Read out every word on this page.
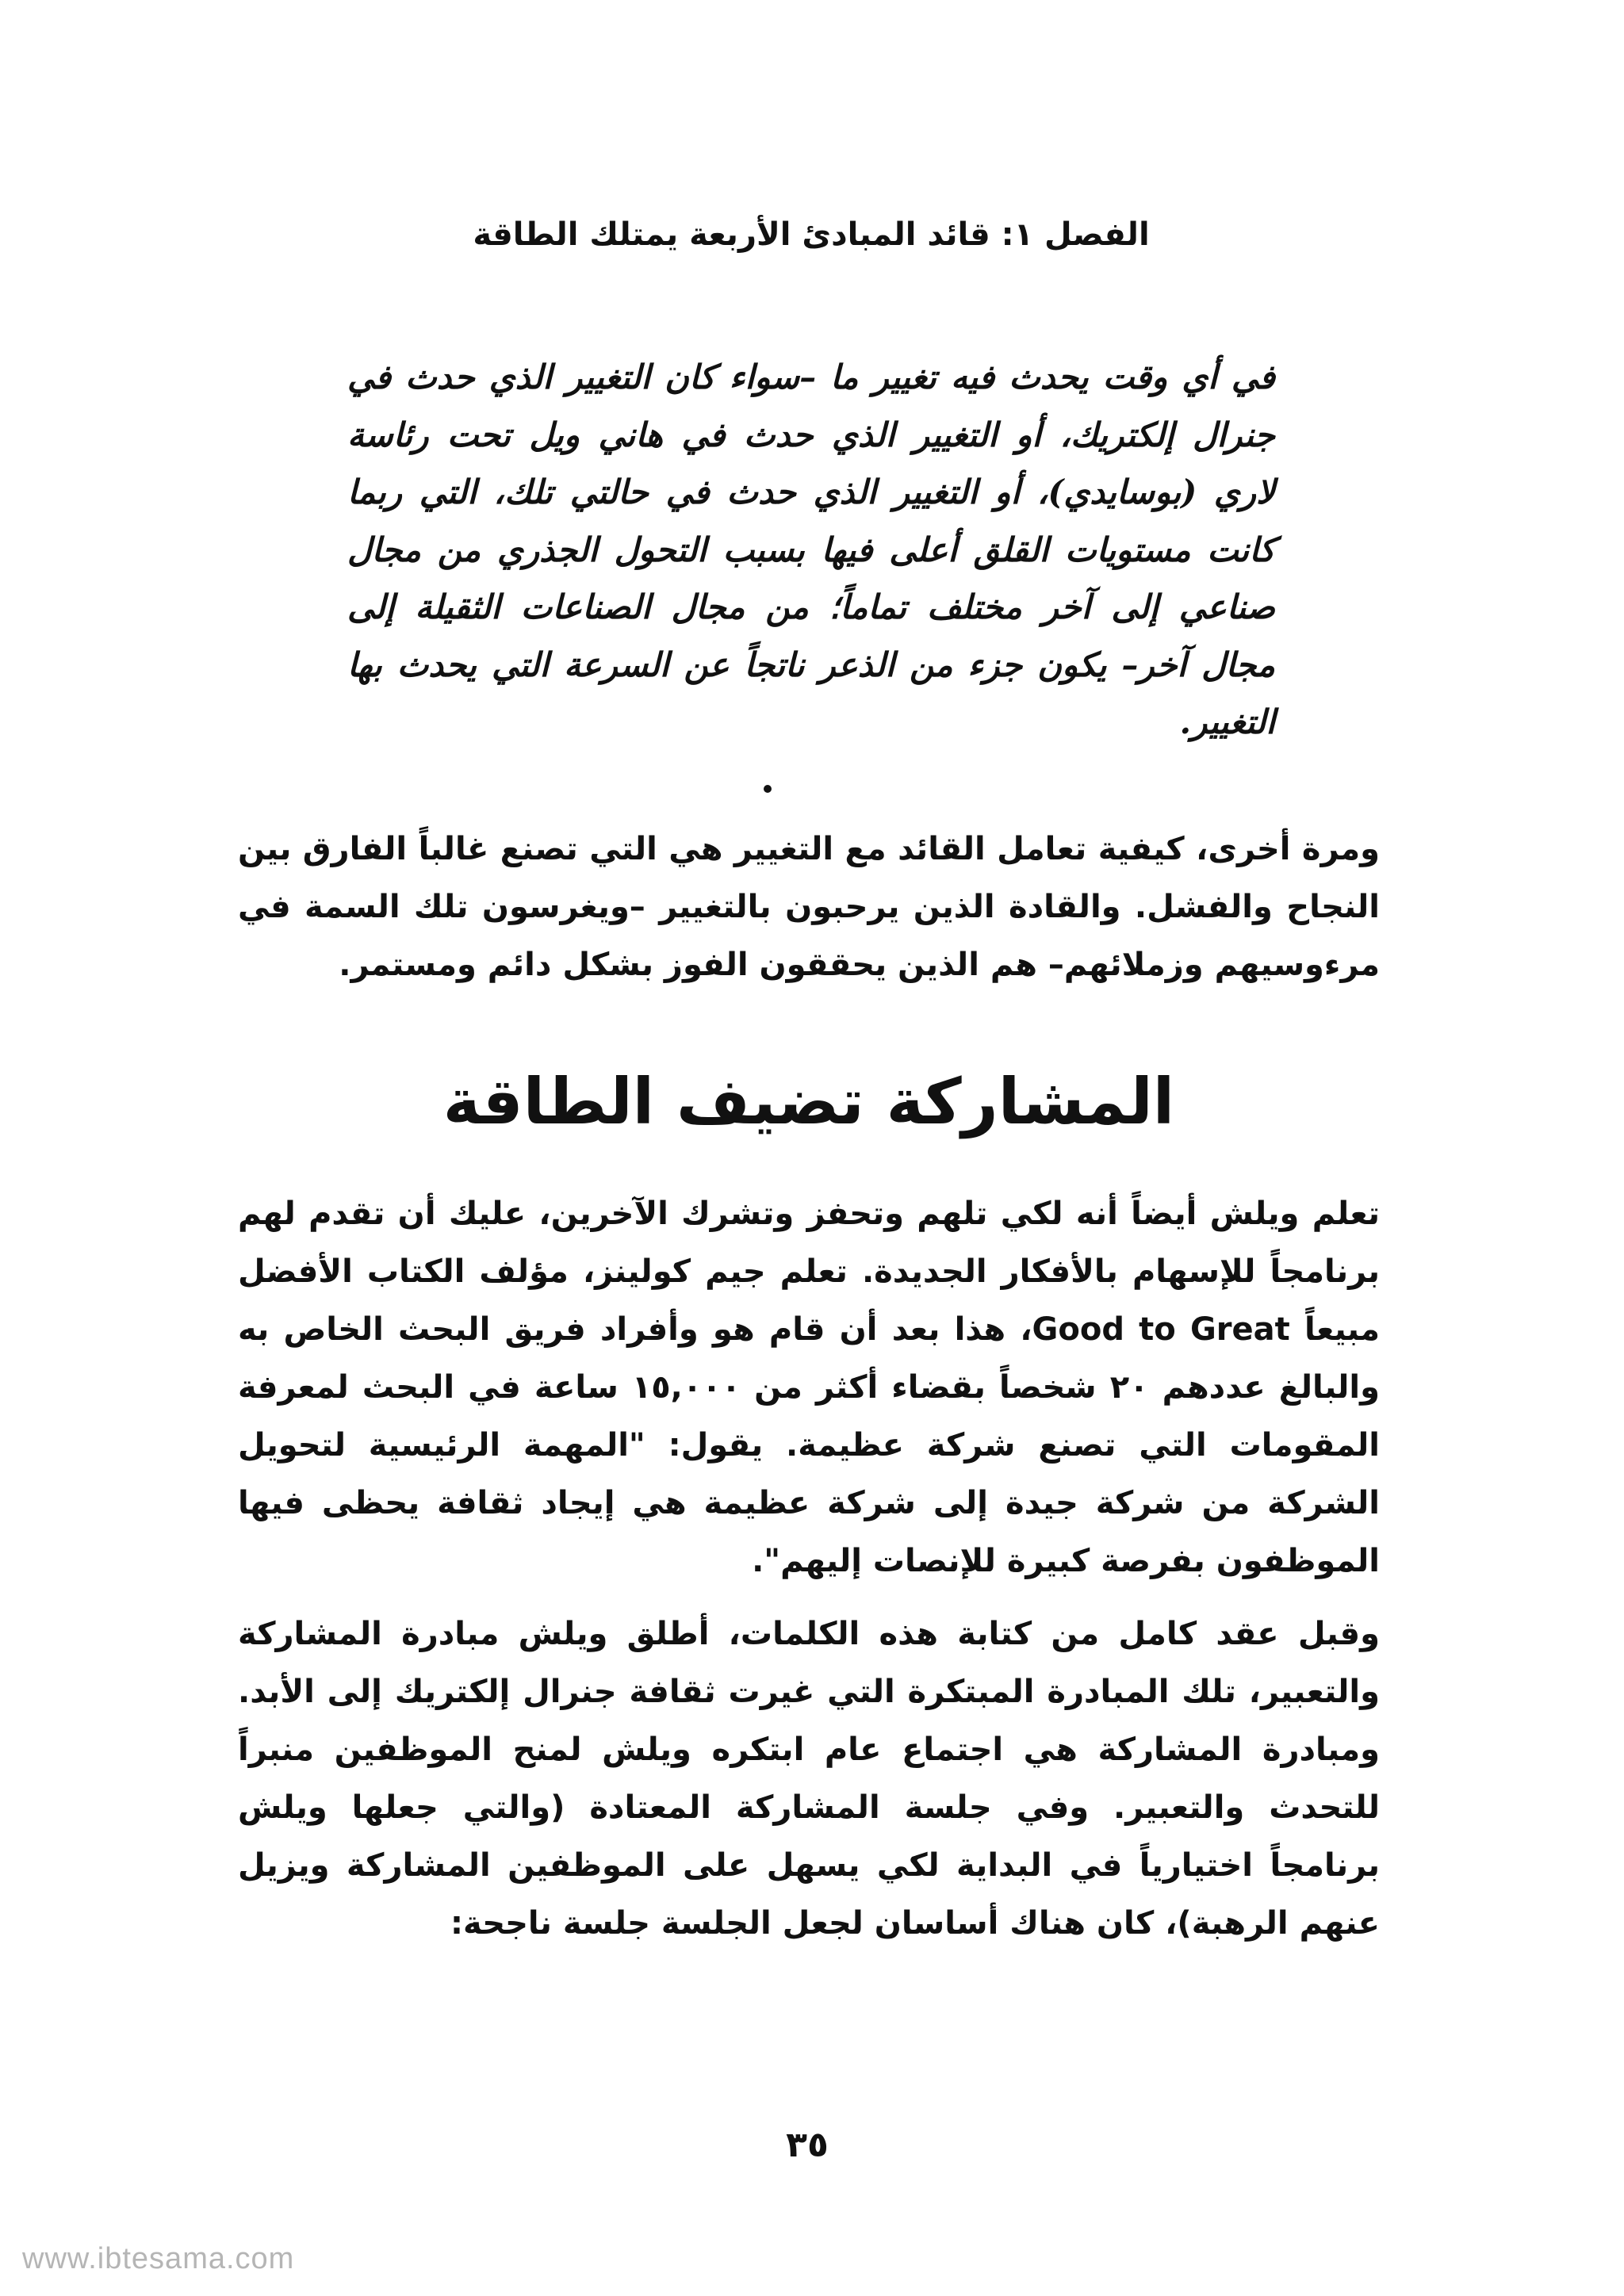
الفصل ١: قائد المبادئ الأربعة يمتلك الطاقة
في أي وقت يحدث فيه تغيير ما –سواء كان التغيير الذي حدث في جنرال إلكتريك، أو التغيير الذي حدث في هاني ويل تحت رئاسة لاري (بوسايدي)، أو التغيير الذي حدث في حالتي تلك، التي ربما كانت مستويات القلق أعلى فيها بسبب التحول الجذري من مجال صناعي إلى آخر مختلف تماماً؛ من مجال الصناعات الثقيلة إلى مجال آخر– يكون جزء من الذعر ناتجاً عن السرعة التي يحدث بها التغيير.
ومرة أخرى، كيفية تعامل القائد مع التغيير هي التي تصنع غالباً الفارق بين النجاح والفشل. والقادة الذين يرحبون بالتغيير –ويغرسون تلك السمة في مرءوسيهم وزملائهم– هم الذين يحققون الفوز بشكل دائم ومستمر.
المشاركة تضيف الطاقة
تعلم ويلش أيضاً أنه لكي تلهم وتحفز وتشرك الآخرين، عليك أن تقدم لهم برنامجاً للإسهام بالأفكار الجديدة. تعلم جيم كولينز، مؤلف الكتاب الأفضل مبيعاً Good to Great، هذا بعد أن قام هو وأفراد فريق البحث الخاص به والبالغ عددهم ٢٠ شخصاً بقضاء أكثر من ١٥,٠٠٠ ساعة في البحث لمعرفة المقومات التي تصنع شركة عظيمة. يقول: "المهمة الرئيسية لتحويل الشركة من شركة جيدة إلى شركة عظيمة هي إيجاد ثقافة يحظى فيها الموظفون بفرصة كبيرة للإنصات إليهم".
وقبل عقد كامل من كتابة هذه الكلمات، أطلق ويلش مبادرة المشاركة والتعبير، تلك المبادرة المبتكرة التي غيرت ثقافة جنرال إلكتريك إلى الأبد. ومبادرة المشاركة هي اجتماع عام ابتكره ويلش لمنح الموظفين منبراً للتحدث والتعبير. وفي جلسة المشاركة المعتادة (والتي جعلها ويلش برنامجاً اختيارياً في البداية لكي يسهل على الموظفين المشاركة ويزيل عنهم الرهبة)، كان هناك أساسان لجعل الجلسة جلسة ناجحة:
٣٥
www.ibtesama.com
